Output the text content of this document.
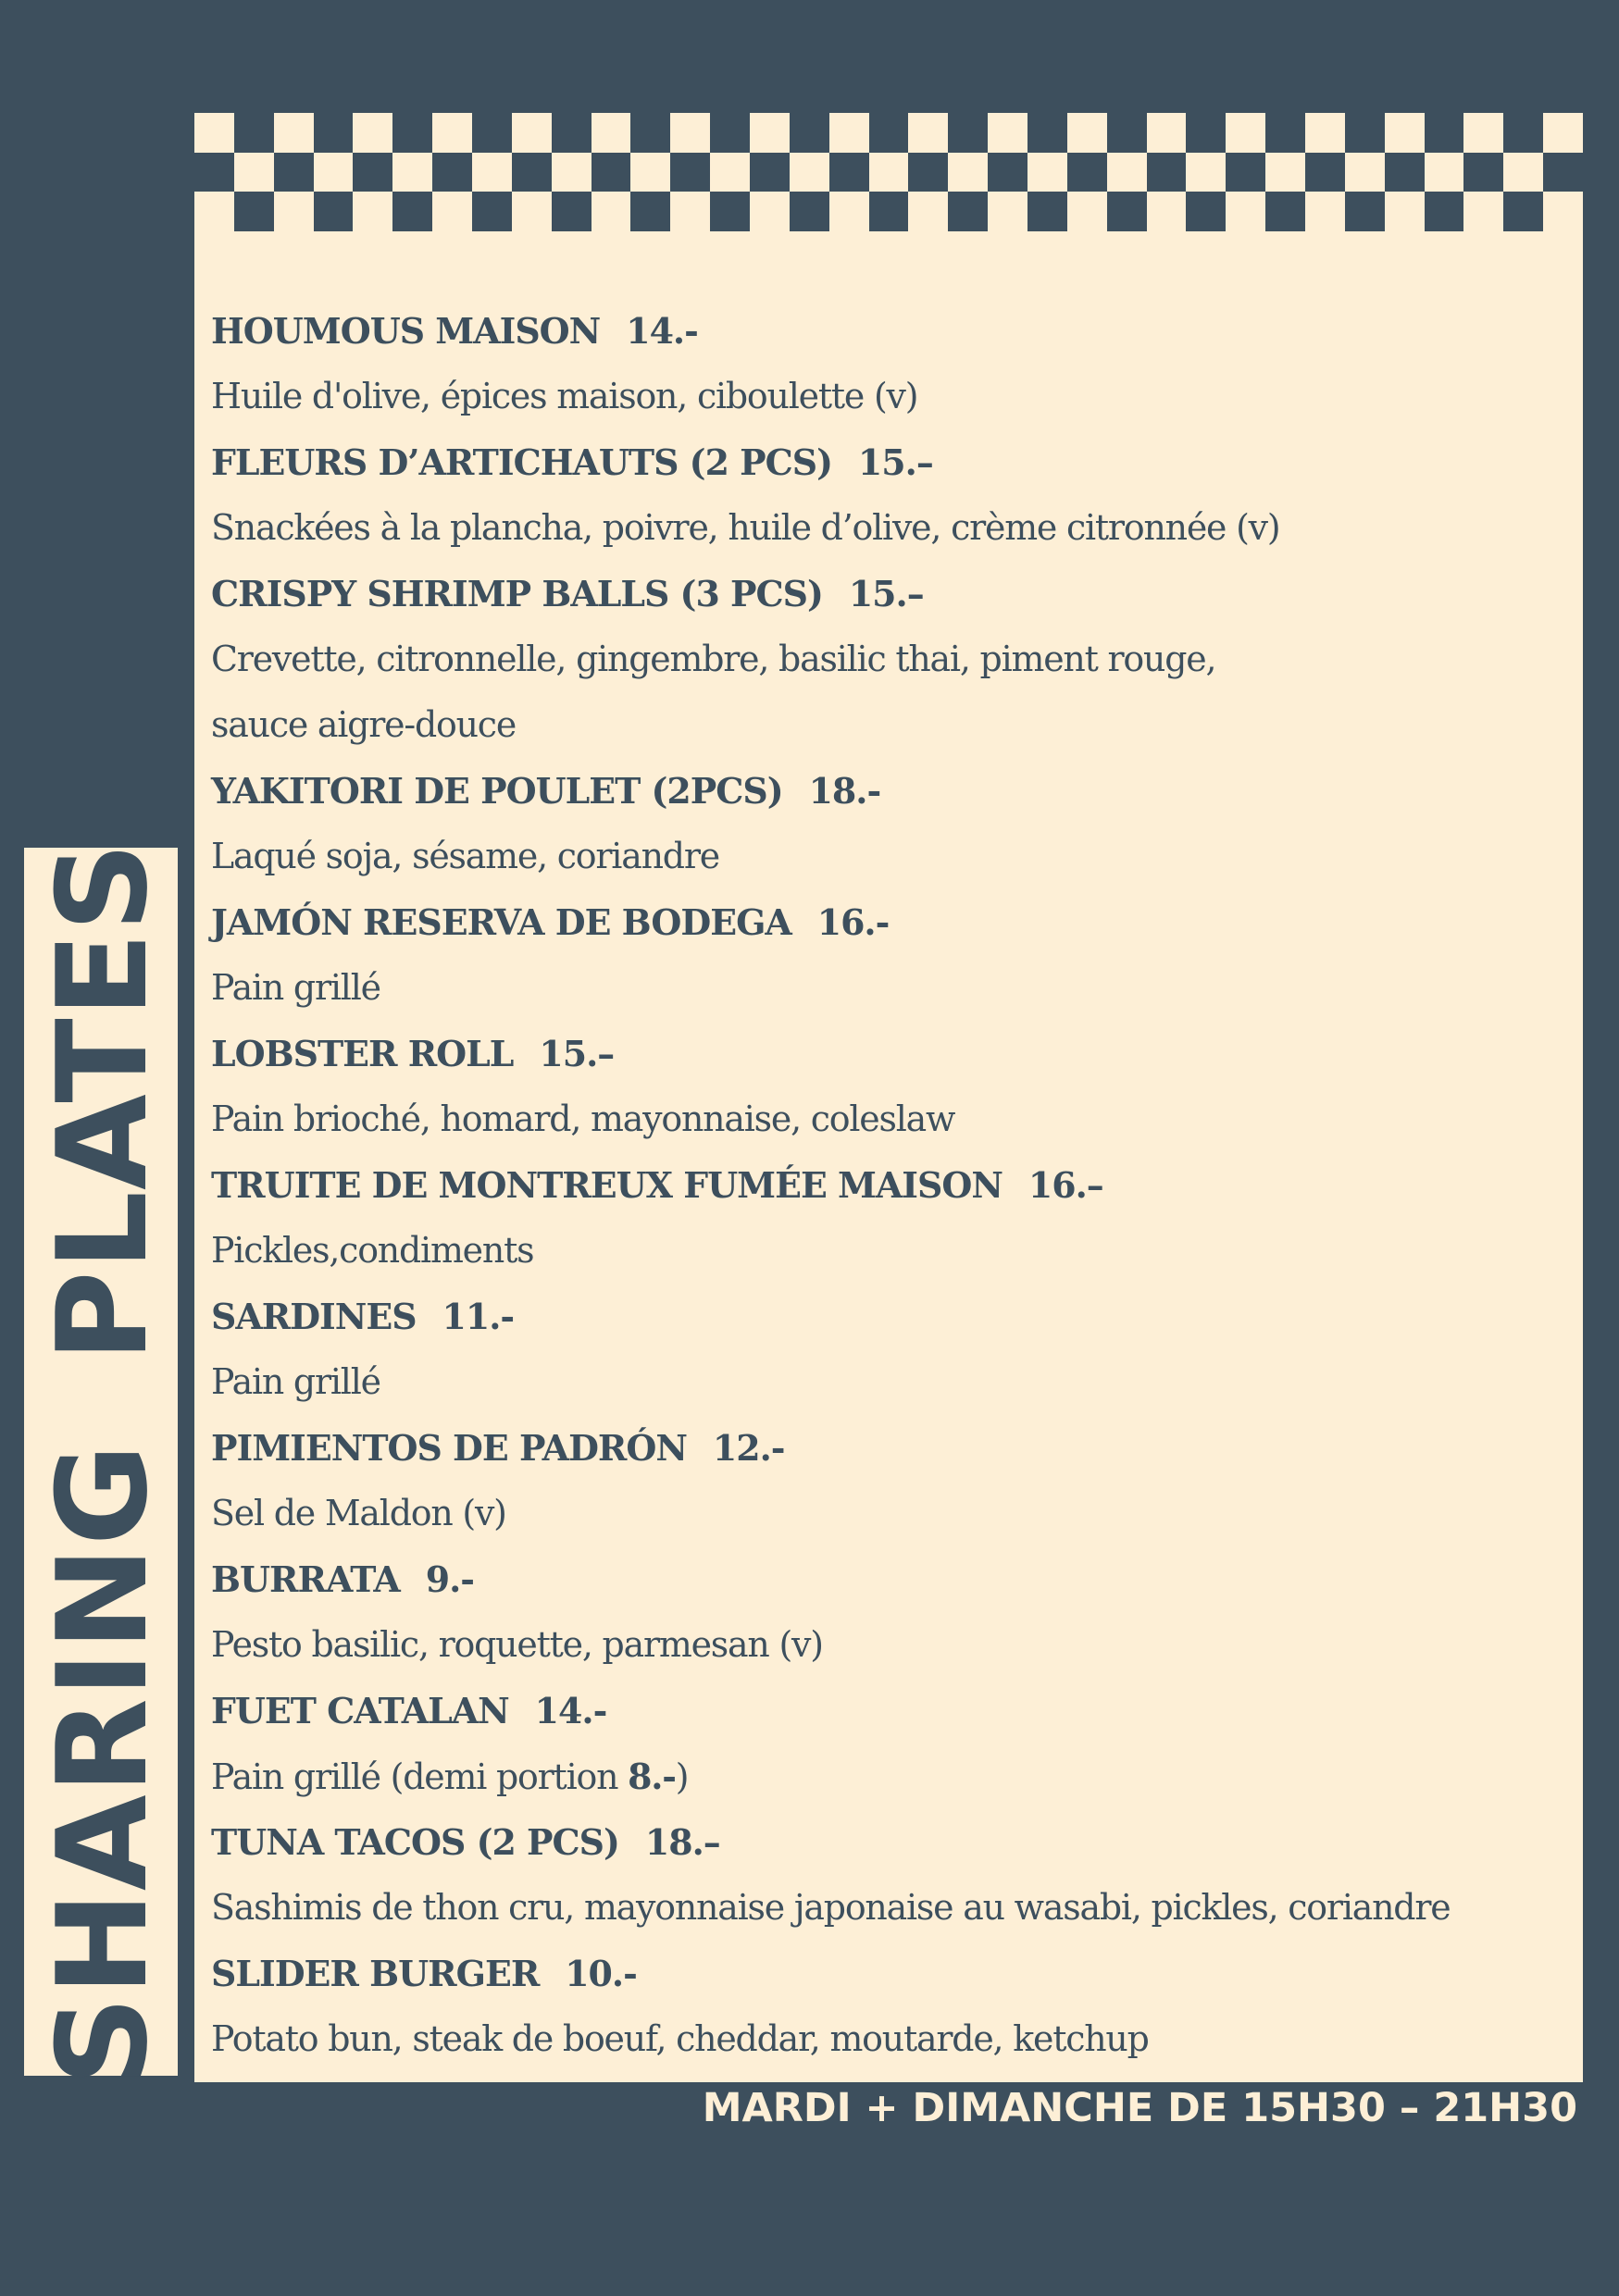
SHARING PLATES
HOUMOUS MAISON 14.-
Huile d'olive, épices maison, ciboulette (v)
FLEURS D’ARTICHAUTS (2 PCS) 15.–
Snackées à la plancha, poivre, huile d’olive, crème citronnée (v)
CRISPY SHRIMP BALLS (3 PCS) 15.–
Crevette, citronnelle, gingembre, basilic thai, piment rouge,
sauce aigre-douce
YAKITORI DE POULET (2PCS) 18.-
Laqué soja, sésame, coriandre
JAMÓN RESERVA DE BODEGA 16.-
Pain grillé
LOBSTER ROLL 15.–
Pain brioché, homard, mayonnaise, coleslaw
TRUITE DE MONTREUX FUMÉE MAISON 16.–
Pickles,condiments
SARDINES 11.-
Pain grillé
PIMIENTOS DE PADRÓN 12.-
Sel de Maldon (v)
BURRATA 9.-
Pesto basilic, roquette, parmesan (v)
FUET CATALAN 14.-
Pain grillé (demi portion 8.-)
TUNA TACOS (2 PCS) 18.–
Sashimis de thon cru, mayonnaise japonaise au wasabi, pickles, coriandre
SLIDER BURGER 10.-
Potato bun, steak de boeuf, cheddar, moutarde, ketchup
MARDI + DIMANCHE DE 15H30 – 21H30
